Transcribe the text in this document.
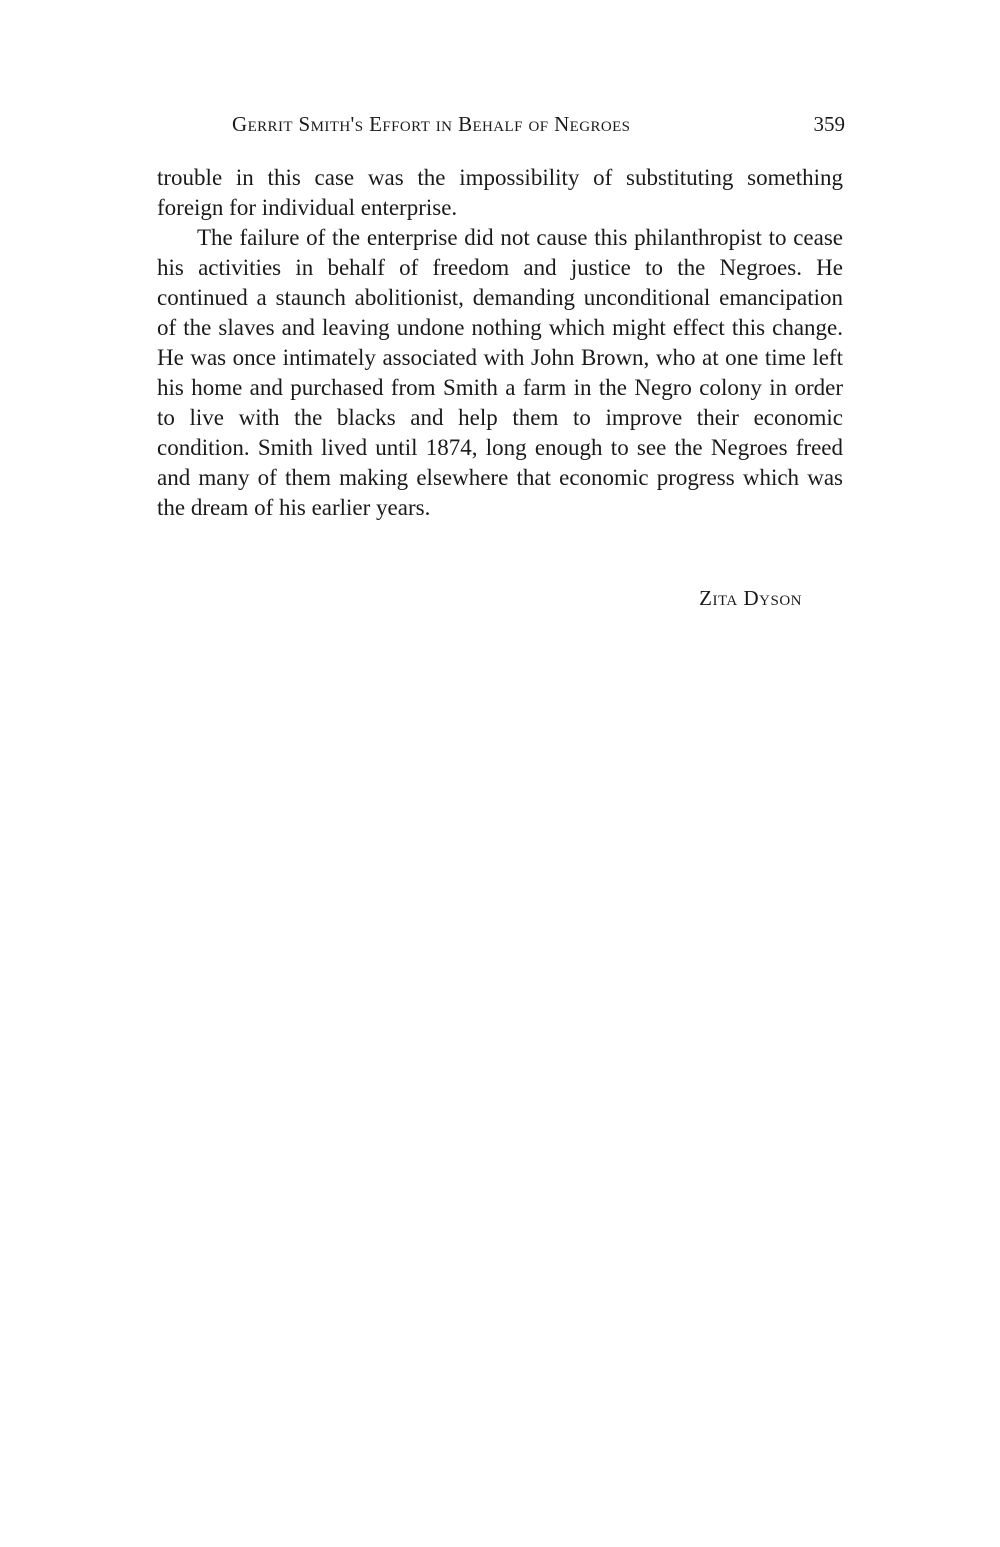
Gerrit Smith's Effort in Behalf of Negroes	359

trouble in this case was the impossibility of substituting something foreign for individual enterprise.

The failure of the enterprise did not cause this philanthropist to cease his activities in behalf of freedom and justice to the Negroes. He continued a staunch abolitionist, demanding unconditional emancipation of the slaves and leaving undone nothing which might effect this change. He was once intimately associated with John Brown, who at one time left his home and purchased from Smith a farm in the Negro colony in order to live with the blacks and help them to improve their economic condition. Smith lived until 1874, long enough to see the Negroes freed and many of them making elsewhere that economic progress which was the dream of his earlier years.

Zita Dyson
